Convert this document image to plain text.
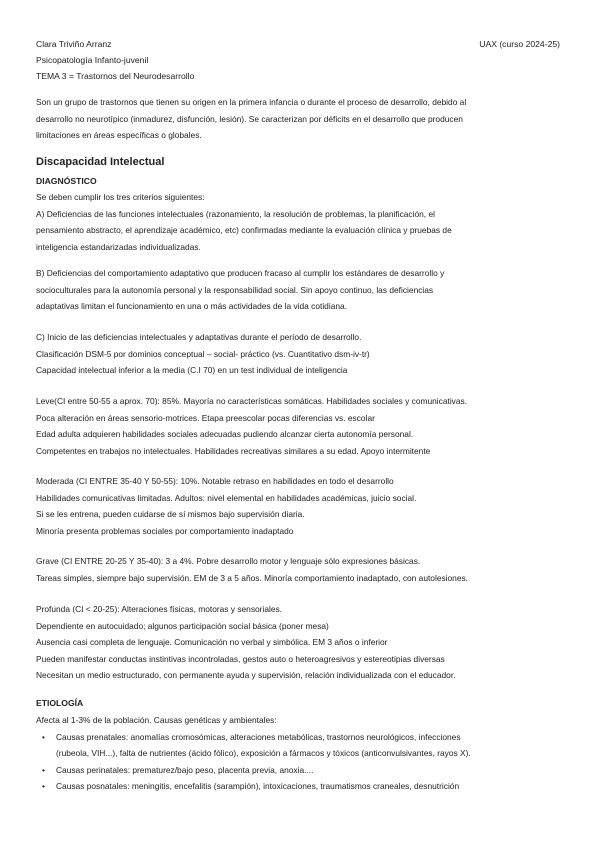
Clara Triviño Arranz
Psicopatología Infanto-juvenil
TEMA 3 = Trastornos del Neurodesarrollo
UAX (curso 2024-25)

Son un grupo de trastornos que tienen su origen en la primera infancia o durante el proceso de desarrollo, debido al

desarrollo no neurotípico (inmadurez, disfunción, lesión). Se caracterizan por déficits en el desarrollo que producen

limitaciones en áreas específicas o globales.

Discapacidad Intelectual
DIAGNÓSTICO

Se deben cumplir los tres criterios siguientes:

A) Deficiencias de las funciones intelectuales (razonamiento, la resolución de problemas, la planificación, el

pensamiento abstracto, el aprendizaje académico, etc) confirmadas mediante la evaluación clínica y pruebas de

inteligencia estandarizadas individualizadas.

B) Deficiencias del comportamiento adaptativo que producen fracaso al cumplir los estándares de desarrollo y

socioculturales para la autonomía personal y la responsabilidad social. Sin apoyo continuo, las deficiencias

adaptativas limitan el funcionamiento en una o más actividades de la vida cotidiana.

C) Inicio de las deficiencias intelectuales y adaptativas durante el período de desarrollo.

Clasificación DSM-5 por dominios conceptual – social- práctico (vs. Cuantitativo dsm-iv-tr)

Capacidad intelectual inferior a la media (C.I 70) en un test individual de inteligencia

Leve(CI entre 50-55 a aprox. 70): 85%. Mayoría no características somáticas. Habilidades sociales y comunicativas.

Poca alteración en áreas sensorio-motrices. Etapa preescolar pocas diferencias vs. escolar

Edad adulta adquieren habilidades sociales adecuadas pudiendo alcanzar cierta autonomía personal.

Competentes en trabajos no intelectuales. Habilidades recreativas similares a su edad. Apoyo intermitente

Moderada (CI ENTRE 35-40 Y 50-55): 10%. Notable retraso en habilidades en todo el desarrollo

Habilidades comunicativas limitadas. Adultos: nivel elemental en habilidades académicas, juicio social.

Si se les entrena, pueden cuidarse de sí mismos bajo supervisión diaria.

Minoría presenta problemas sociales por comportamiento inadaptado

Grave (CI ENTRE 20-25 Y 35-40): 3 a 4%. Pobre desarrollo motor y lenguaje sólo expresiones básicas.

Tareas simples, siempre bajo supervisión. EM de 3 a 5 años. Minoría comportamiento inadaptado, con autolesiones.

Profunda (CI < 20-25): Alteraciones físicas, motoras y sensoriales.

Dependiente en autocuidado; algunos participación social básica (poner mesa)

Ausencia casi completa de lenguaje. Comunicación no verbal y simbólica. EM 3 años o inferior

Pueden manifestar conductas instintivas incontroladas, gestos auto o heteroagresivos y estereotipias diversas

Necesitan un medio estructurado, con permanente ayuda y supervisión, relación individualizada con el educador.

ETIOLOGÍA

Afecta al 1-3% de la población. Causas genéticas y ambientales:

• Causas prenatales: anomalías cromosómicas, alteraciones metabólicas, trastornos neurológicos, infecciones
(rubeola, VIH...), falta de nutrientes (ácido fólico), exposición a fármacos y tóxicos (anticonvulsivantes, rayos X).
• Causas perinatales: prematurez/bajo peso, placenta previa, anoxia....
• Causas posnatales: meningitis, encefalitis (sarampión), intoxicaciones, traumatismos craneales, desnutrición
